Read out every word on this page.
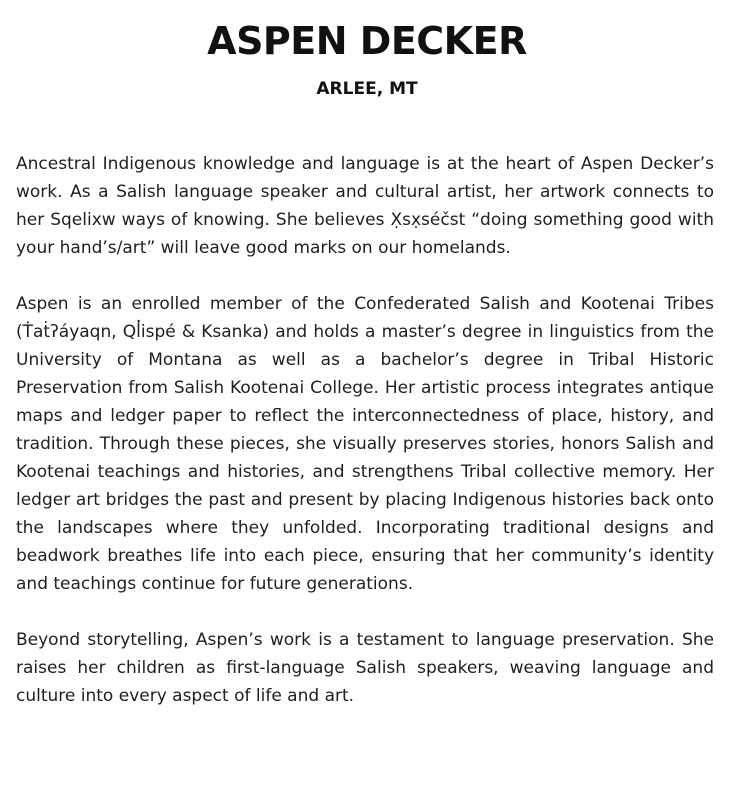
ASPEN DECKER
ARLEE, MT

Ancestral Indigenous knowledge and language is at the heart of Aspen Decker’s work. As a Salish language speaker and cultural artist, her artwork connects to her Sqelixw ways of knowing. She believes X̣sx̣séčst “doing something good with your hand’s/art” will leave good marks on our homelands.

Aspen is an enrolled member of the Confederated Salish and Kootenai Tribes (Ṫaṫʔáyaqn, Ql̓ispé & Ksanka) and holds a master’s degree in linguistics from the University of Montana as well as a bachelor’s degree in Tribal Historic Preservation from Salish Kootenai College. Her artistic process integrates antique maps and ledger paper to reflect the interconnectedness of place, history, and tradition. Through these pieces, she visually preserves stories, honors Salish and Kootenai teachings and histories, and strengthens Tribal collective memory. Her ledger art bridges the past and present by placing Indigenous histories back onto the landscapes where they unfolded. Incorporating traditional designs and beadwork breathes life into each piece, ensuring that her community’s identity and teachings continue for future generations.

Beyond storytelling, Aspen’s work is a testament to language preservation. She raises her children as first-language Salish speakers, weaving language and culture into every aspect of life and art.
